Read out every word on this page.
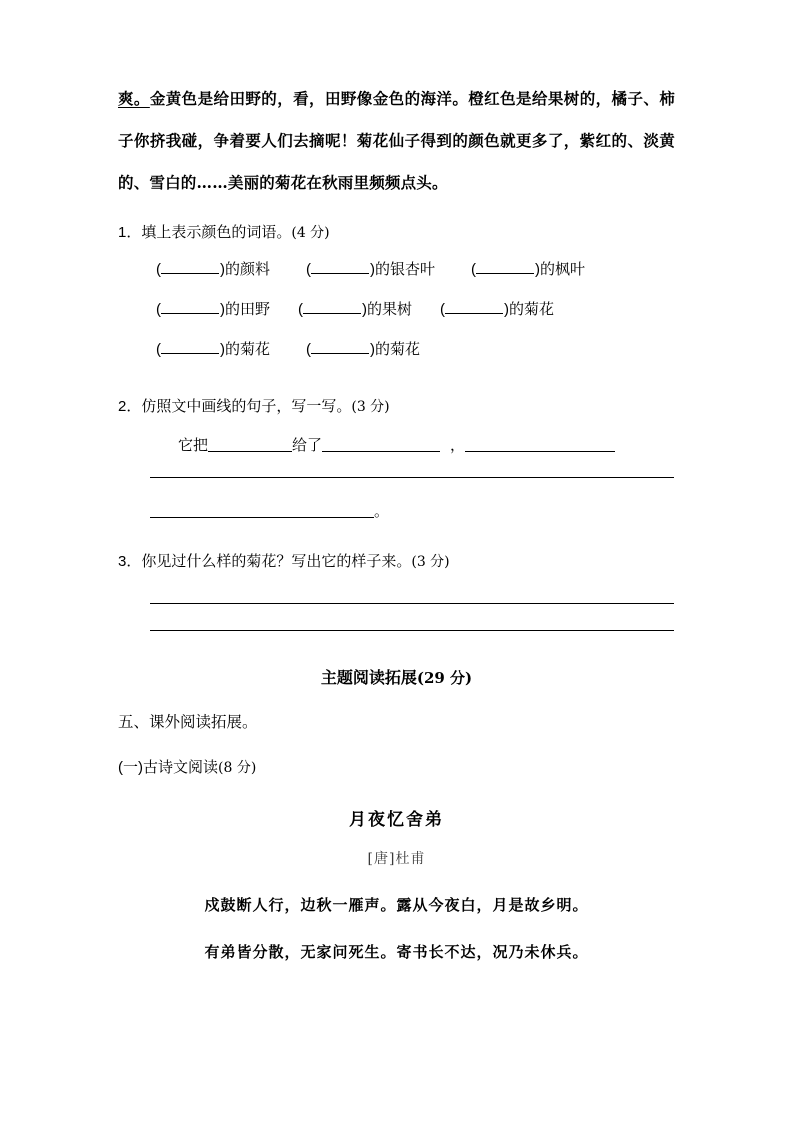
爽。金黄色是给田野的，看，田野像金色的海洋。橙红色是给果树的，橘子、柿子你挤我碰，争着要人们去摘呢！菊花仙子得到的颜色就更多了，紫红的、淡黄的、雪白的……美丽的菊花在秋雨里频频点头。
1．填上表示颜色的词语。(4 分)
(	)的颜料 (	)的银杏叶 (	)的枫叶
(	)的田野 (	)的果树 (	)的菊花
(	)的菊花 (	)的菊花
2．仿照文中画线的句子，写一写。(3 分)
它把	给了	，
。
3．你见过什么样的菊花？写出它的样子来。(3 分)
主题阅读拓展(29 分)
五、课外阅读拓展。
(一)古诗文阅读(8 分)
月夜忆舍弟
[唐]杜甫
戍鼓断人行，边秋一雁声。露从今夜白，月是故乡明。
有弟皆分散，无家问死生。寄书长不达，况乃未休兵。
